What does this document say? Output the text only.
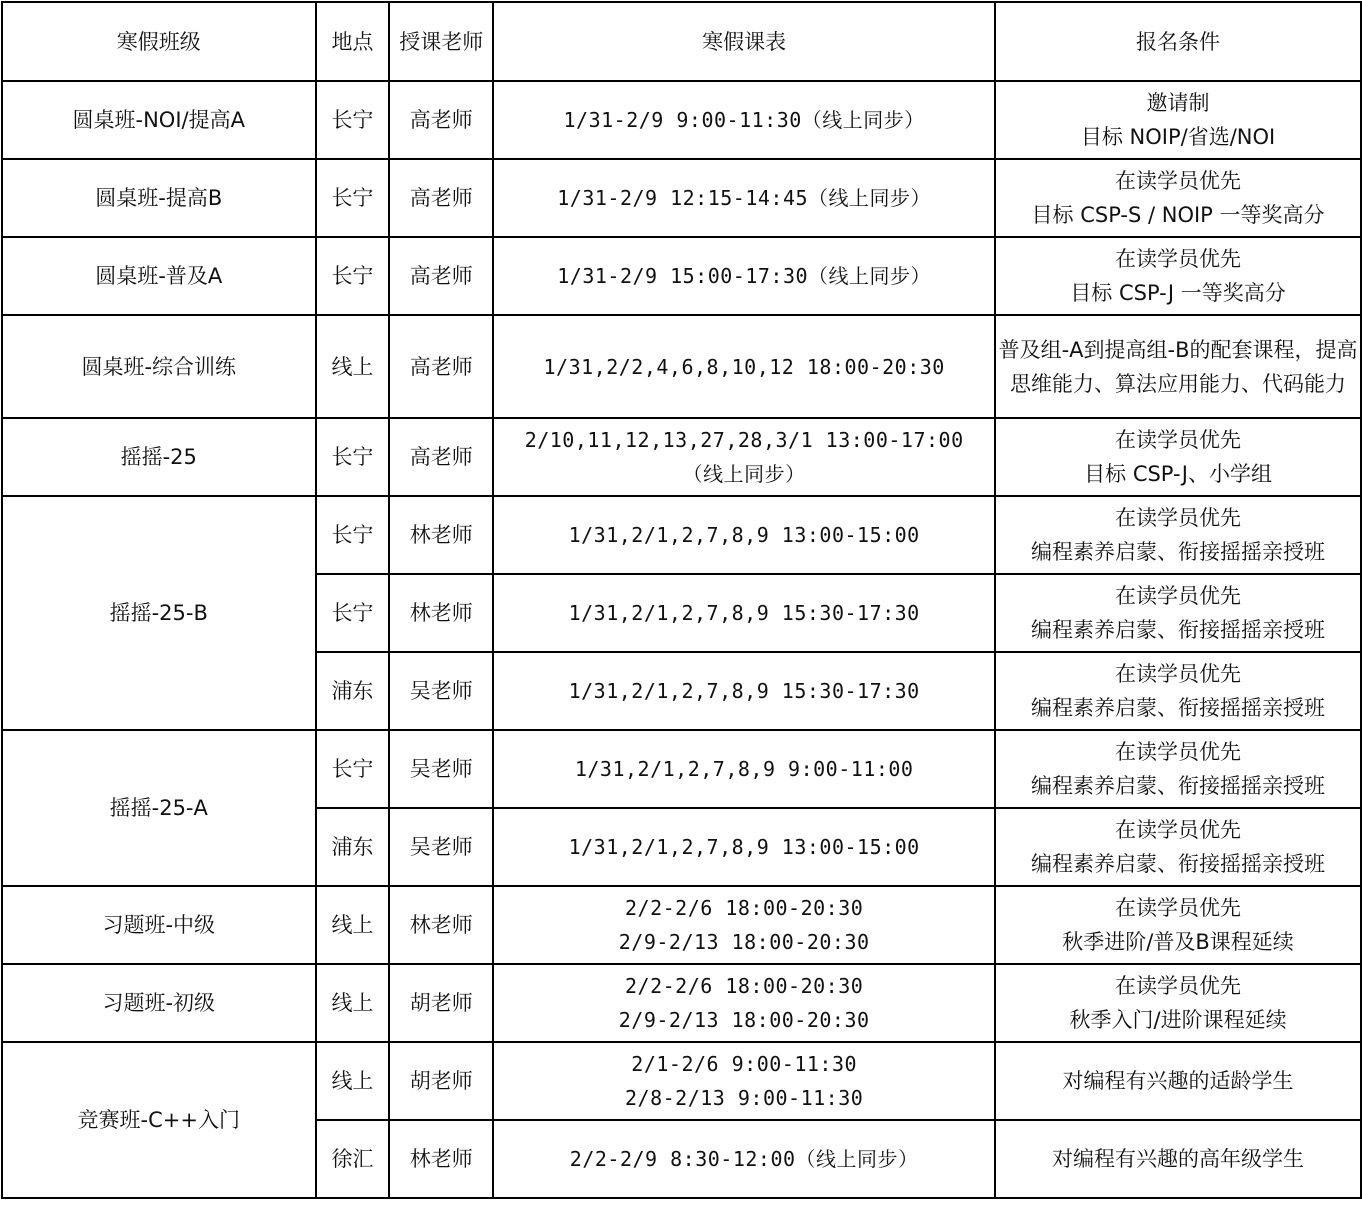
寒假班级	地点	授课老师	寒假课表	报名条件
圆桌班-NOI/提高A	长宁	高老师	1/31-2/9 9:00-11:30（线上同步）	邀请制
目标 NOIP/省选/NOI

圆桌班-提高B	长宁	高老师	1/31-2/9 12:15-14:45（线上同步）	在读学员优先
目标 CSP-S / NOIP 一等奖高分

圆桌班-普及A	长宁	高老师	1/31-2/9 15:00-17:30（线上同步）	在读学员优先
目标 CSP-J 一等奖高分

圆桌班-综合训练	线上	高老师	1/31,2/2,4,6,8,10,12 18:00-20:30	普及组-A到提高组-B的配套课程，提高思维能力、算法应用能力、代码能力
摇摇-25	长宁	高老师	2/10,11,12,13,27,28,3/1 13:00-17:00
（线上同步）	在读学员优先
目标 CSP-J、小学组

摇摇-25-B	长宁	林老师	1/31,2/1,2,7,8,9 13:00-15:00	在读学员优先
编程素养启蒙、衔接摇摇亲授班

	长宁	林老师	1/31,2/1,2,7,8,9 15:30-17:30	在读学员优先
编程素养启蒙、衔接摇摇亲授班

	浦东	吴老师	1/31,2/1,2,7,8,9 15:30-17:30	在读学员优先
编程素养启蒙、衔接摇摇亲授班

摇摇-25-A	长宁	吴老师	1/31,2/1,2,7,8,9 9:00-11:00	在读学员优先
编程素养启蒙、衔接摇摇亲授班

	浦东	吴老师	1/31,2/1,2,7,8,9 13:00-15:00	在读学员优先
编程素养启蒙、衔接摇摇亲授班

习题班-中级	线上	林老师	2/2-2/6 18:00-20:30
2/9-2/13 18:00-20:30	在读学员优先
秋季进阶/普及B课程延续

习题班-初级	线上	胡老师	2/2-2/6 18:00-20:30
2/9-2/13 18:00-20:30	在读学员优先
秋季入门/进阶课程延续

竞赛班-C++入门	线上	胡老师	2/1-2/6 9:00-11:30
2/8-2/13 9:00-11:30	对编程有兴趣的适龄学生

	徐汇	林老师	2/2-2/9 8:30-12:00（线上同步）	对编程有兴趣的高年级学生
